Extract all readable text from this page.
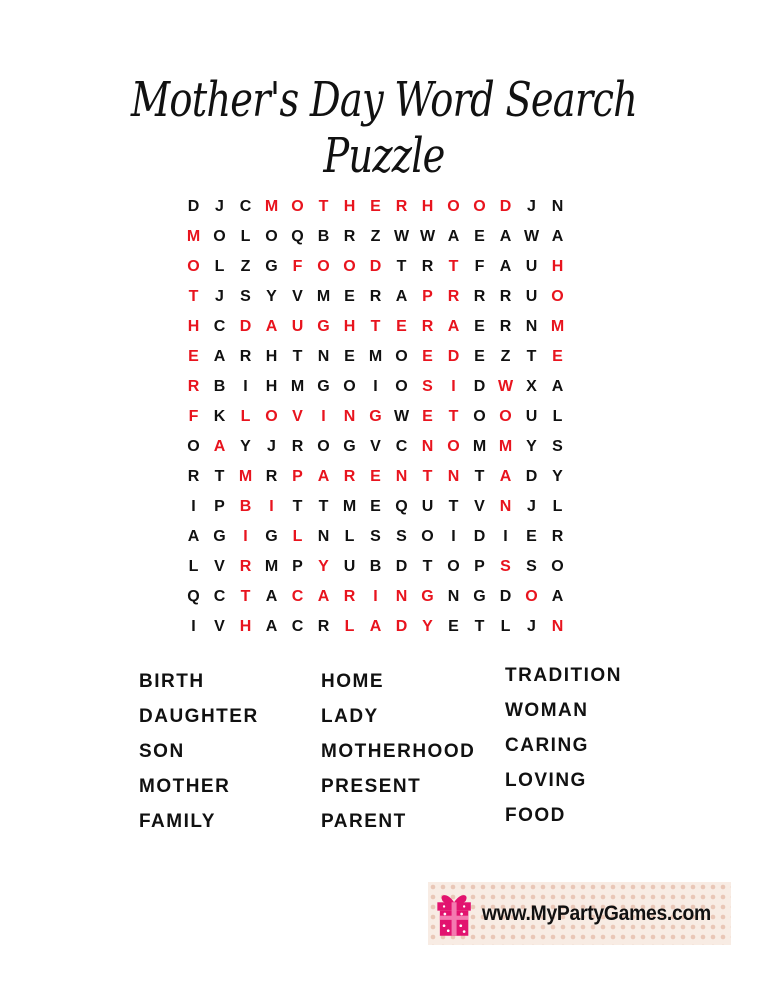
Mother's Day Word Search Puzzle
D J C M O T H E R H O O D J N
M O L O Q B R Z W W A E A W A
O L Z G F O O D T R T F A U H
T J S Y V M E R A P R R R U O
H C D A U G H T E R A E R N M
E A R H T N E M O E D E Z T E
R B	I	H M G O	I	O S	I	D W X A
F K L O V	I	N G W E T O O U L
O A Y J R O G V C N O M M Y S
R T M R P A R E N T N T A D Y
I	P B	I	T T M E Q U T V N J L
A G	I	G L N L S S O	I	D	I	E R
L V R M P Y U B D T O P S S O
Q C T A C A R	I	N G N G D O A
I	V H A C R L A D Y E T L J N
BIRTH
DAUGHTER
SON
MOTHER
FAMILY
HOME
LADY
MOTHERHOOD
PRESENT
PARENT
TRADITION
WOMAN
CARING
LOVING
FOOD
www.MyPartyGames.com
